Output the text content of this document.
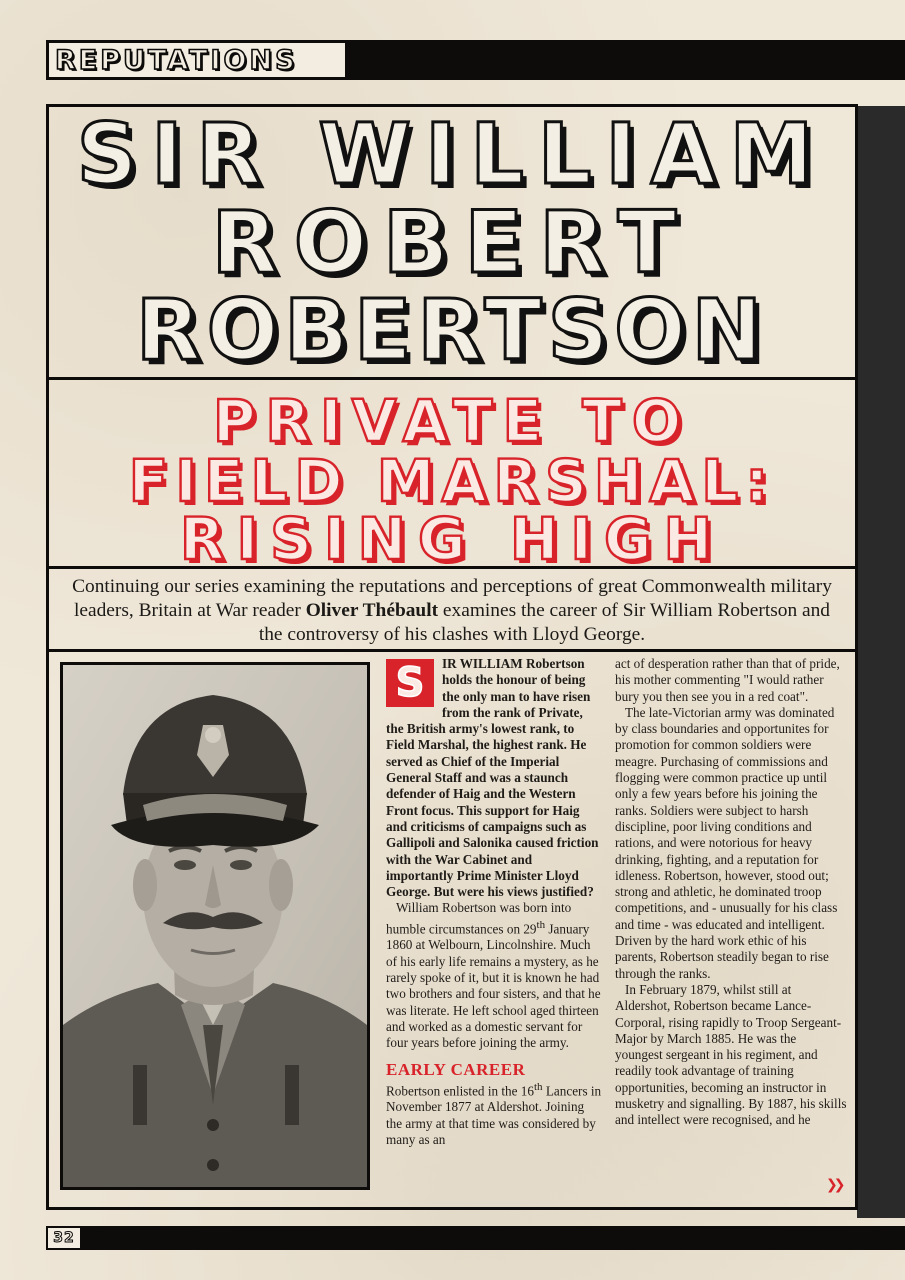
REPUTATIONS
SIR WILLIAM
ROBERT
ROBERTSON
PRIVATE TO
FIELD MARSHAL:
RISING HIGH
Continuing our series examining the reputations and perceptions of great Commonwealth military leaders, Britain at War reader Oliver Thébault examines the career of Sir William Robertson and the controversy of his clashes with Lloyd George.
S	IR WILLIAM Robertson holds the honour of being the only man to have risen from the rank of Private, the British army's lowest rank, to Field Marshal, the highest rank. He served as Chief of the Imperial General Staff and was a staunch defender of Haig and the Western Front focus. This support for Haig and criticisms of campaigns such as Gallipoli and Salonika caused friction with the War Cabinet and importantly Prime Minister Lloyd George. But were his views justified?

William Robertson was born into humble circumstances on 29th January 1860 at Welbourn, Lincolnshire. Much of his early life remains a mystery, as he rarely spoke of it, but it is known he had two brothers and four sisters, and that he was literate. He left school aged thirteen and worked as a domestic servant for four years before joining the army.

EARLY CAREER

Robertson enlisted in the 16th Lancers in November 1877 at Aldershot. Joining the army at that time was considered by many as an

act of desperation rather than that of pride, his mother commenting "I would rather bury you then see you in a red coat".

The late-Victorian army was dominated by class boundaries and opportunites for promotion for common soldiers were meagre. Purchasing of commissions and flogging were common practice up until only a few years before his joining the ranks. Soldiers were subject to harsh discipline, poor living conditions and rations, and were notorious for heavy drinking, fighting, and a reputation for idleness. Robertson, however, stood out; strong and athletic, he dominated troop competitions, and - unusually for his class and time - was educated and intelligent. Driven by the hard work ethic of his parents, Robertson steadily began to rise through the ranks.

In February 1879, whilst still at Aldershot, Robertson became Lance-Corporal, rising rapidly to Troop Sergeant-Major by March 1885. He was the youngest sergeant in his regiment, and readily took advantage of training opportunities, becoming an instructor in musketry and signalling. By 1887, his skills and intellect were recognised, and he

❯❯
32
